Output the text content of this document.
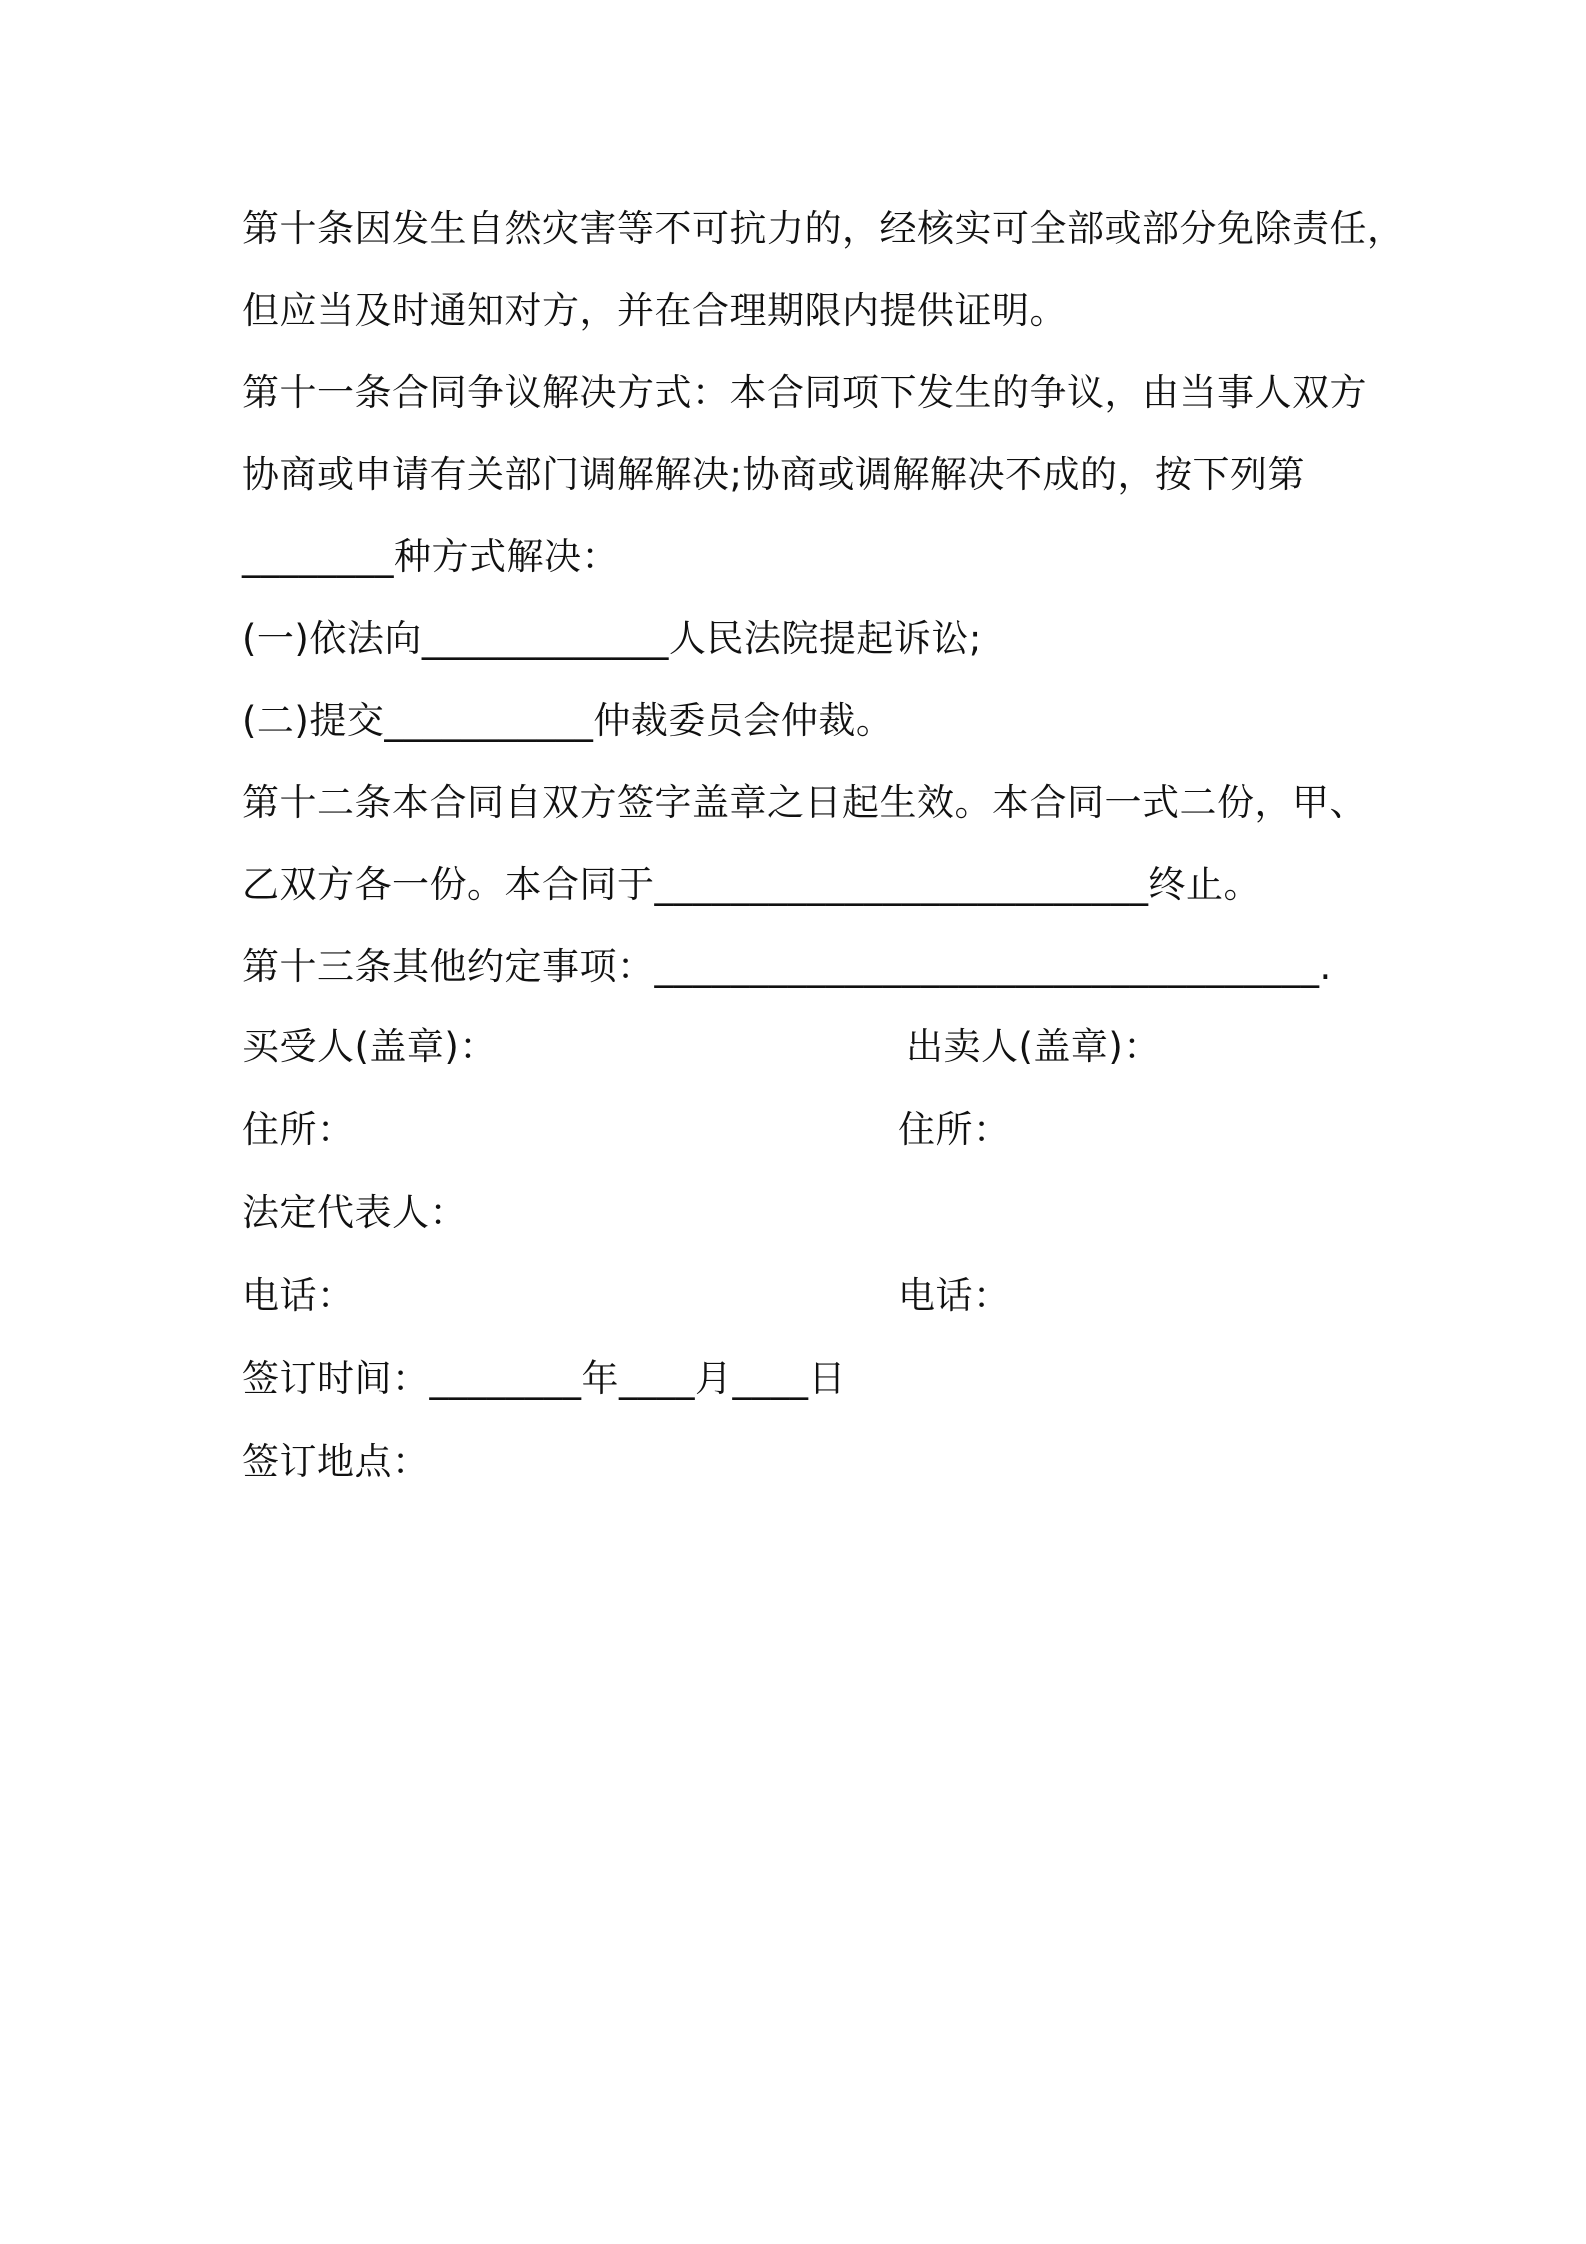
第十条因发生自然灾害等不可抗力的，经核实可全部或部分免除责任，
但应当及时通知对方，并在合理期限内提供证明。
第十一条合同争议解决方式：本合同项下发生的争议，由当事人双方
协商或申请有关部门调解解决;协商或调解解决不成的，按下列第
________种方式解决：
(一)依法向_____________人民法院提起诉讼;
(二)提交___________仲裁委员会仲裁。
第十二条本合同自双方签字盖章之日起生效。本合同一式二份，甲、
乙双方各一份。本合同于__________________________终止。
第十三条其他约定事项：___________________________________.
买受人(盖章)：	出卖人(盖章)：
住所：	住所：
法定代表人：
电话：	电话：
签订时间：________年____月____日
签订地点：
